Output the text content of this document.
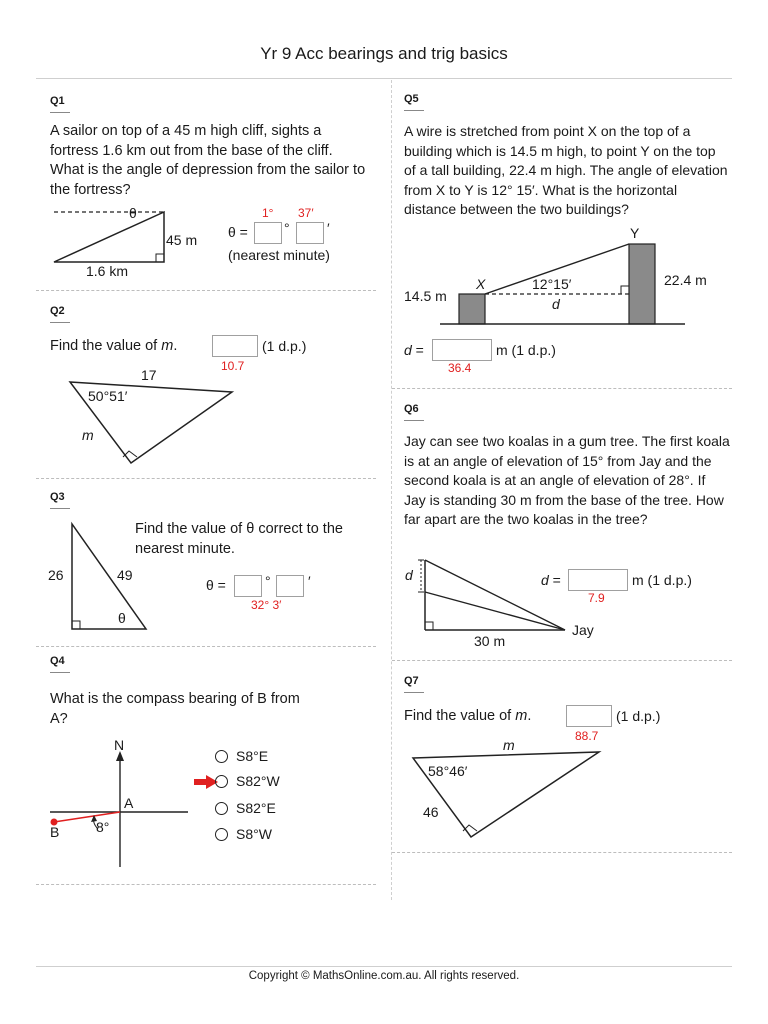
Yr 9 Acc bearings and trig basics
Q1
A sailor on top of a 45 m high cliff, sights a fortress 1.6 km out from the base of the cliff. What is the angle of depression from the sailor to the fortress?
θ
45 m
1.6 km
1° 37′
θ =	°	′
(nearest minute)
Q2
Find the value of m.	(1 d.p.)
10.7
17
50°51′
m
Q3
26	49
θ
Find the value of θ correct to the nearest minute.
θ =	°	′
32° 3′
Q4
What is the compass bearing of B from A?
N
A
B	8°
S8°E
S82°W
S82°E
S8°W
Q5
A wire is stretched from point X on the top of a building which is 14.5 m high, to point Y on the top of a tall building, 22.4 m high. The angle of elevation from X to Y is 12° 15′. What is the horizontal distance between the two buildings?
Y
X
14.5 m
22.4 m
12°15′
d
d =	m (1 d.p.)
36.4
Q6
Jay can see two koalas in a gum tree. The first koala is at an angle of elevation of 15° from Jay and the second koala is at an angle of elevation of 28°. If Jay is standing 30 m from the base of the tree. How far apart are the two koalas in the tree?
d
30 m
Jay
d =	m (1 d.p.)
7.9
Q7
Find the value of m.	(1 d.p.)
88.7
m
58°46′
46
Copyright © MathsOnline.com.au. All rights reserved.
